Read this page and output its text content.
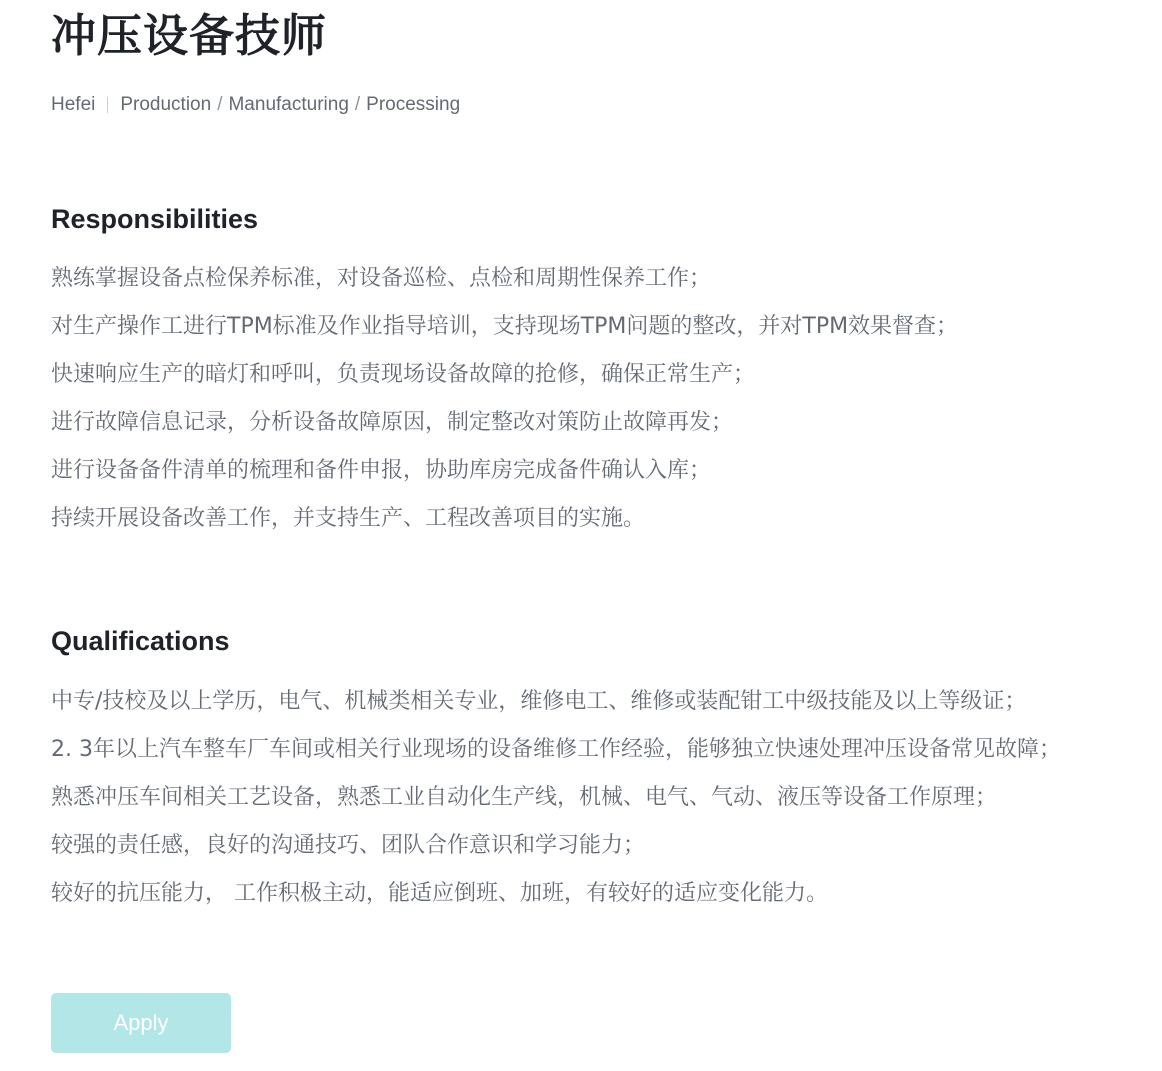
冲压设备技师
Hefei Production / Manufacturing / Processing
Responsibilities
熟练掌握设备点检保养标准，对设备巡检、点检和周期性保养工作；
对生产操作工进行TPM标准及作业指导培训，支持现场TPM问题的整改，并对TPM效果督查；
快速响应生产的暗灯和呼叫，负责现场设备故障的抢修，确保正常生产；
进行故障信息记录，分析设备故障原因，制定整改对策防止故障再发；
进行设备备件清单的梳理和备件申报，协助库房完成备件确认入库；
持续开展设备改善工作，并支持生产、工程改善项目的实施。
Qualifications
中专/技校及以上学历，电气、机械类相关专业，维修电工、维修或装配钳工中级技能及以上等级证；
2. 3年以上汽车整车厂车间或相关行业现场的设备维修工作经验，能够独立快速处理冲压设备常见故障；
熟悉冲压车间相关工艺设备，熟悉工业自动化生产线，机械、电气、气动、液压等设备工作原理；
较强的责任感，良好的沟通技巧、团队合作意识和学习能力；
较好的抗压能力， 工作积极主动，能适应倒班、加班，有较好的适应变化能力。
Apply
